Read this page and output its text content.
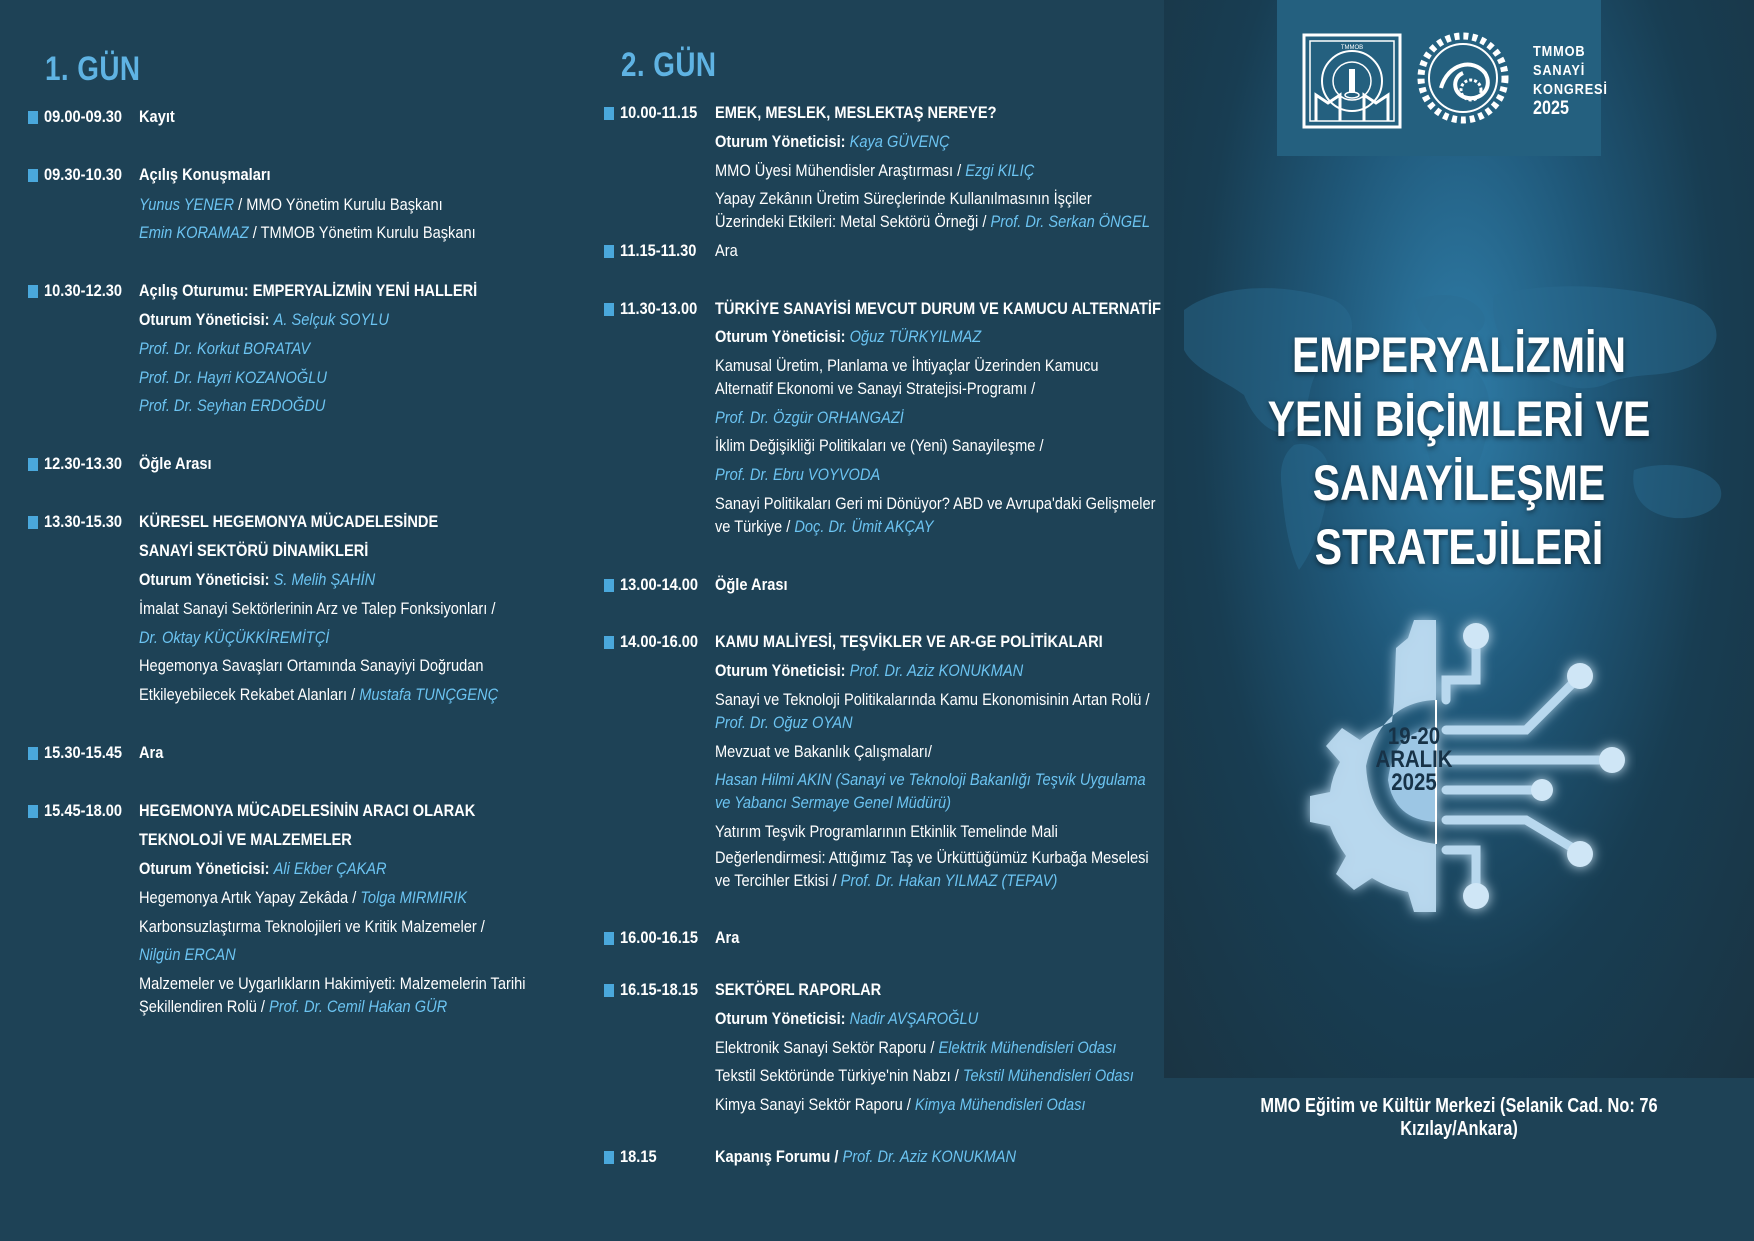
1. GÜN
09.00-09.30 Kayıt
09.30-10.30 Açılış Konuşmaları
Yunus YENER / MMO Yönetim Kurulu Başkanı
Emin KORAMAZ / TMMOB Yönetim Kurulu Başkanı
10.30-12.30 Açılış Oturumu: EMPERYALİZMİN YENİ HALLERİ
Oturum Yöneticisi: A. Selçuk SOYLU
Prof. Dr. Korkut BORATAV
Prof. Dr. Hayri KOZANOĞLU
Prof. Dr. Seyhan ERDOĞDU
12.30-13.30 Öğle Arası
13.30-15.30 KÜRESEL HEGEMONYA MÜCADELESİNDE
SANAYİ SEKTÖRÜ DİNAMİKLERİ
Oturum Yöneticisi: S. Melih ŞAHİN
İmalat Sanayi Sektörlerinin Arz ve Talep Fonksiyonları /
Dr. Oktay KÜÇÜKKİREMİTÇİ
Hegemonya Savaşları Ortamında Sanayiyi Doğrudan
Etkileyebilecek Rekabet Alanları / Mustafa TUNÇGENÇ
15.30-15.45 Ara
15.45-18.00 HEGEMONYA MÜCADELESİNİN ARACI OLARAK
TEKNOLOJİ VE MALZEMELER
Oturum Yöneticisi: Ali Ekber ÇAKAR
Hegemonya Artık Yapay Zekâda / Tolga MIRMIRIK
Karbonsuzlaştırma Teknolojileri ve Kritik Malzemeler /
Nilgün ERCAN
Malzemeler ve Uygarlıkların Hakimiyeti: Malzemelerin Tarihi
Şekillendiren Rolü / Prof. Dr. Cemil Hakan GÜR
2. GÜN
10.00-11.15 EMEK, MESLEK, MESLEKTAŞ NEREYE?
Oturum Yöneticisi: Kaya GÜVENÇ
MMO Üyesi Mühendisler Araştırması / Ezgi KILIÇ
Yapay Zekânın Üretim Süreçlerinde Kullanılmasının İşçiler
Üzerindeki Etkileri: Metal Sektörü Örneği / Prof. Dr. Serkan ÖNGEL
11.15-11.30 Ara
11.30-13.00 TÜRKİYE SANAYİSİ MEVCUT DURUM VE KAMUCU ALTERNATİF
Oturum Yöneticisi: Oğuz TÜRKYILMAZ
Kamusal Üretim, Planlama ve İhtiyaçlar Üzerinden Kamucu
Alternatif Ekonomi ve Sanayi Stratejisi-Programı /
Prof. Dr. Özgür ORHANGAZİ
İklim Değişikliği Politikaları ve (Yeni) Sanayileşme /
Prof. Dr. Ebru VOYVODA
Sanayi Politikaları Geri mi Dönüyor? ABD ve Avrupa'daki Gelişmeler
ve Türkiye / Doç. Dr. Ümit AKÇAY
13.00-14.00 Öğle Arası
14.00-16.00 KAMU MALİYESİ, TEŞVİKLER VE AR-GE POLİTİKALARI
Oturum Yöneticisi: Prof. Dr. Aziz KONUKMAN
Sanayi ve Teknoloji Politikalarında Kamu Ekonomisinin Artan Rolü /
Prof. Dr. Oğuz OYAN
Mevzuat ve Bakanlık Çalışmaları/
Hasan Hilmi AKIN (Sanayi ve Teknoloji Bakanlığı Teşvik Uygulama
ve Yabancı Sermaye Genel Müdürü)
Yatırım Teşvik Programlarının Etkinlik Temelinde Mali
Değerlendirmesi: Attığımız Taş ve Ürküttüğümüz Kurbağa Meselesi
ve Tercihler Etkisi / Prof. Dr. Hakan YILMAZ (TEPAV)
16.00-16.15 Ara
16.15-18.15 SEKTÖREL RAPORLAR
Oturum Yöneticisi: Nadir AVŞAROĞLU
Elektronik Sanayi Sektör Raporu / Elektrik Mühendisleri Odası
Tekstil Sektöründe Türkiye'nin Nabzı / Tekstil Mühendisleri Odası
Kimya Sanayi Sektör Raporu / Kimya Mühendisleri Odası
18.15	Kapanış Forumu / Prof. Dr. Aziz KONUKMAN
TMMOB	TMMOB
SANAYİ
KONGRESİ
2025
EMPERYALİZMİN
YENİ BİÇİMLERİ VE
SANAYİLEŞME STRATEJİLERİ
19-20
ARALIK
2025
MMO Eğitim ve Kültür Merkezi (Selanik Cad. No: 76 Kızılay/Ankara)
